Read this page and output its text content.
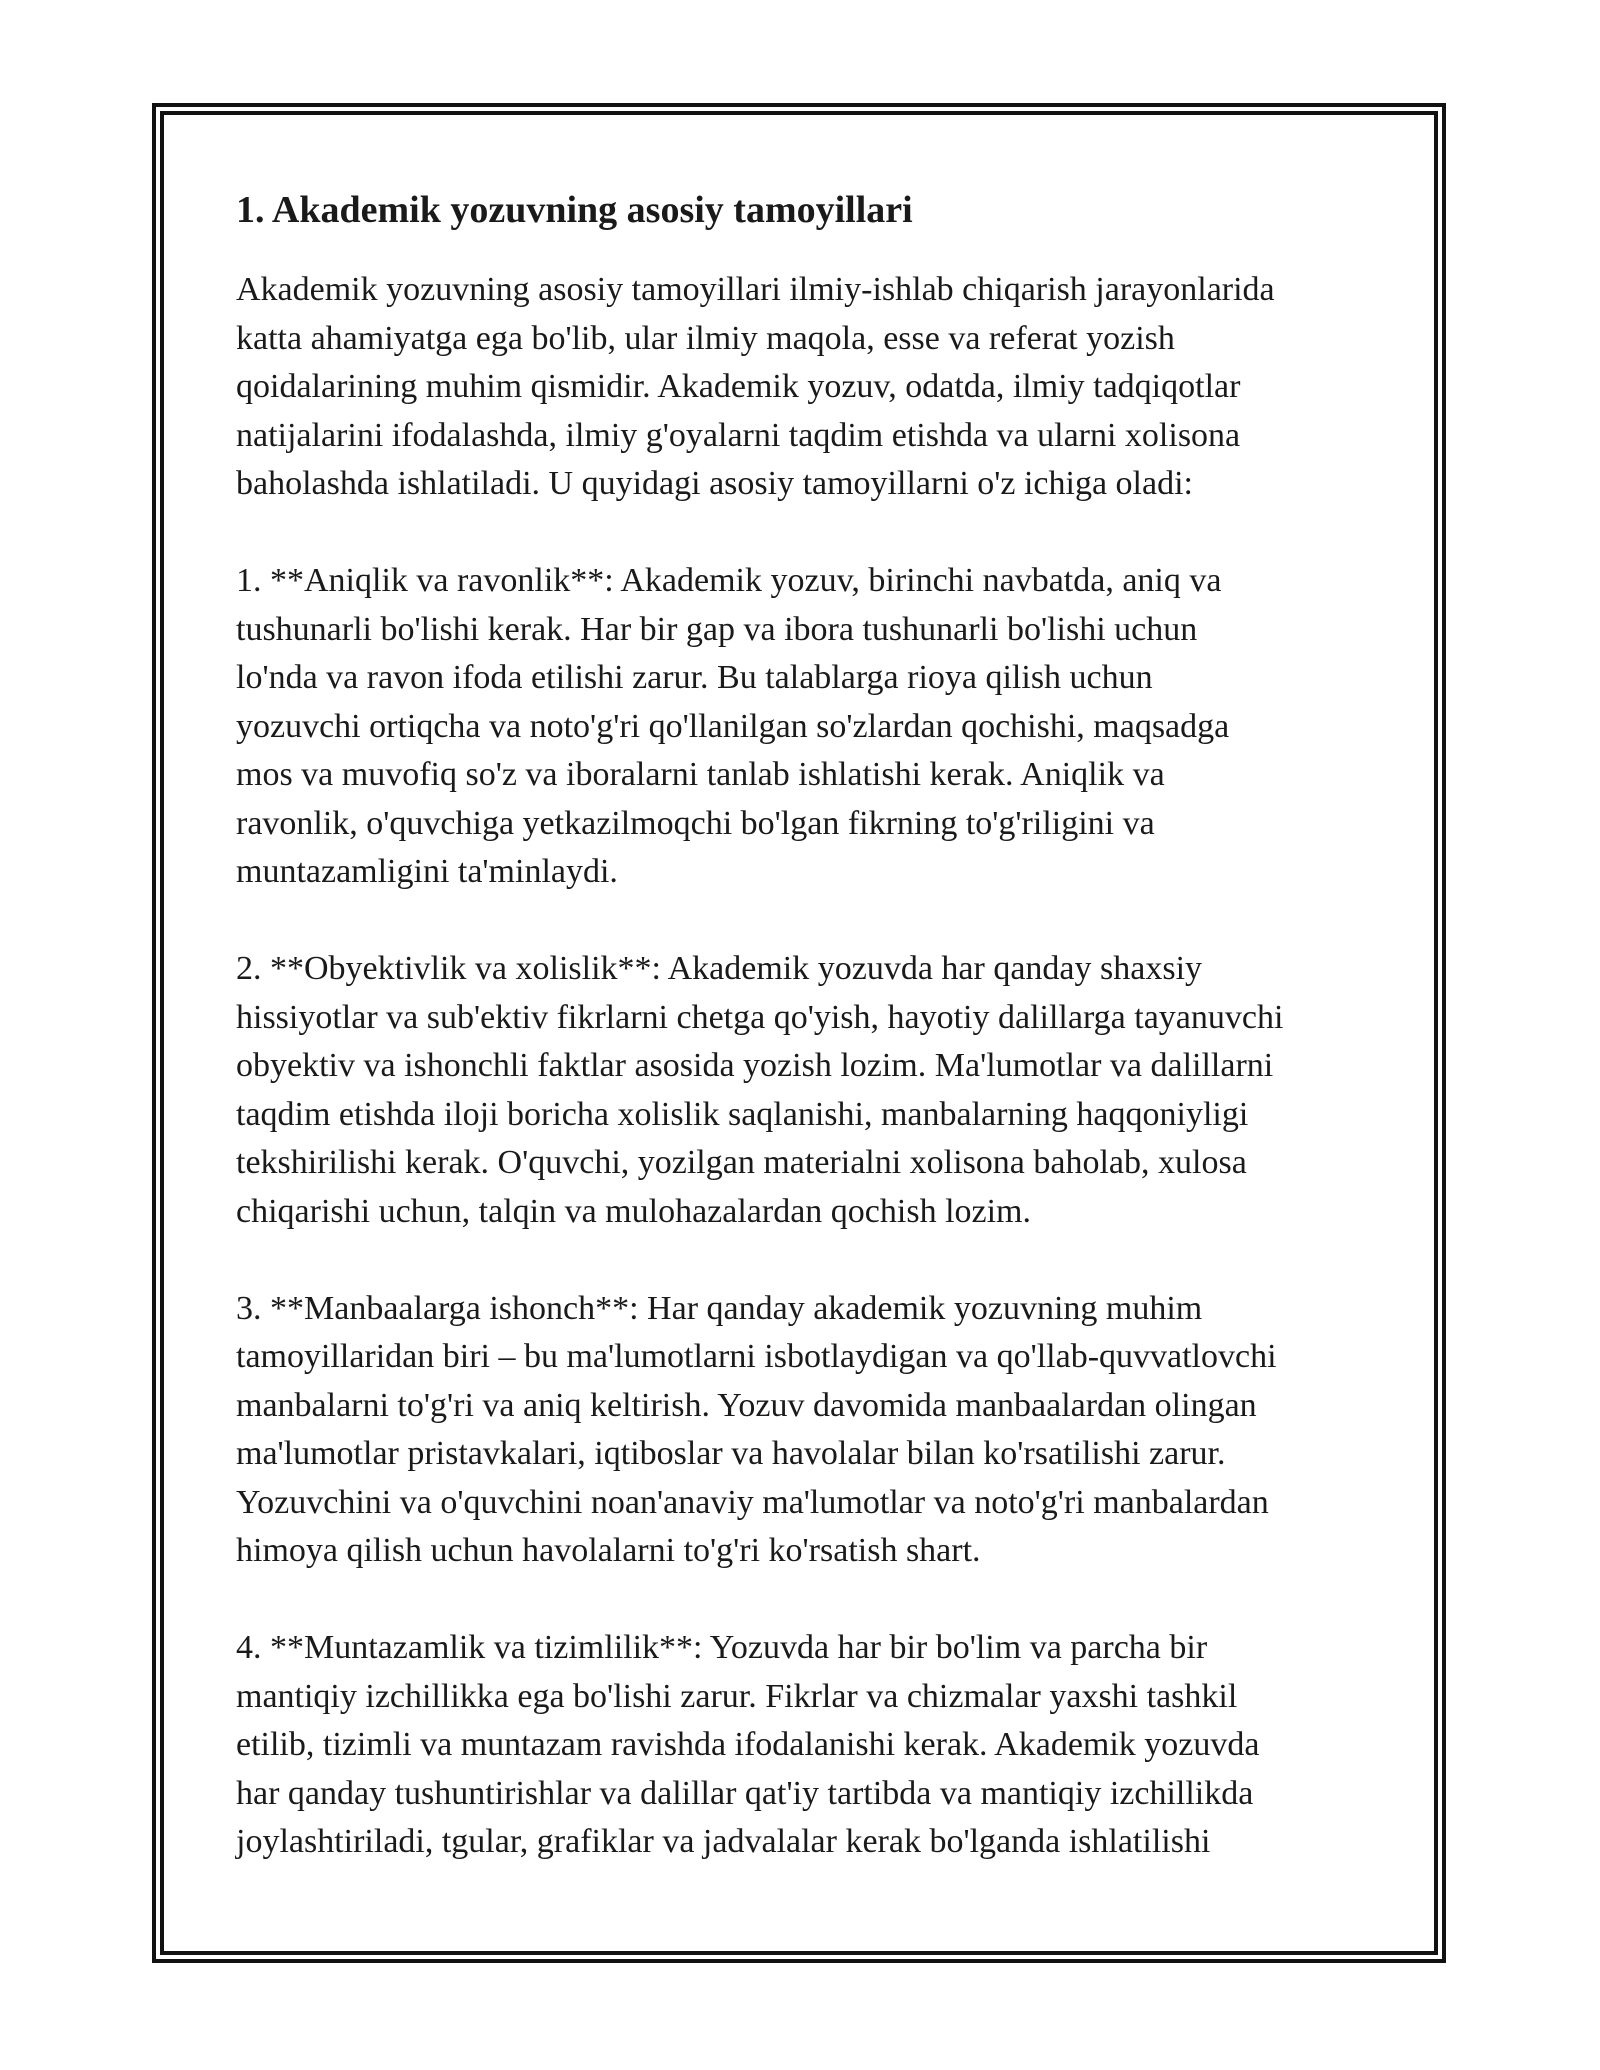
1. Akademik yozuvning asosiy tamoyillari

Akademik yozuvning asosiy tamoyillari ilmiy-ishlab chiqarish jarayonlarida
katta ahamiyatga ega bo'lib, ular ilmiy maqola, esse va referat yozish
qoidalarining muhim qismidir. Akademik yozuv, odatda, ilmiy tadqiqotlar
natijalarini ifodalashda, ilmiy g'oyalarni taqdim etishda va ularni xolisona
baholashda ishlatiladi. U quyidagi asosiy tamoyillarni o'z ichiga oladi:

1. **Aniqlik va ravonlik**: Akademik yozuv, birinchi navbatda, aniq va
tushunarli bo'lishi kerak. Har bir gap va ibora tushunarli bo'lishi uchun
lo'nda va ravon ifoda etilishi zarur. Bu talablarga rioya qilish uchun
yozuvchi ortiqcha va noto'g'ri qo'llanilgan so'zlardan qochishi, maqsadga
mos va muvofiq so'z va iboralarni tanlab ishlatishi kerak. Aniqlik va
ravonlik, o'quvchiga yetkazilmoqchi bo'lgan fikrning to'g'riligini va
muntazamligini ta'minlaydi.

2. **Obyektivlik va xolislik**: Akademik yozuvda har qanday shaxsiy
hissiyotlar va sub'ektiv fikrlarni chetga qo'yish, hayotiy dalillarga tayanuvchi
obyektiv va ishonchli faktlar asosida yozish lozim. Ma'lumotlar va dalillarni
taqdim etishda iloji boricha xolislik saqlanishi, manbalarning haqqoniyligi
tekshirilishi kerak. O'quvchi, yozilgan materialni xolisona baholab, xulosa
chiqarishi uchun, talqin va mulohazalardan qochish lozim.

3. **Manbaalarga ishonch**: Har qanday akademik yozuvning muhim
tamoyillaridan biri – bu ma'lumotlarni isbotlaydigan va qo'llab-quvvatlovchi
manbalarni to'g'ri va aniq keltirish. Yozuv davomida manbaalardan olingan
ma'lumotlar pristavkalari, iqtiboslar va havolalar bilan ko'rsatilishi zarur.
Yozuvchini va o'quvchini noan'anaviy ma'lumotlar va noto'g'ri manbalardan
himoya qilish uchun havolalarni to'g'ri ko'rsatish shart.

4. **Muntazamlik va tizimlilik**: Yozuvda har bir bo'lim va parcha bir
mantiqiy izchillikka ega bo'lishi zarur. Fikrlar va chizmalar yaxshi tashkil
etilib, tizimli va muntazam ravishda ifodalanishi kerak. Akademik yozuvda
har qanday tushuntirishlar va dalillar qat'iy tartibda va mantiqiy izchillikda
joylashtiriladi, tgular, grafiklar va jadvalalar kerak bo'lganda ishlatilishi
